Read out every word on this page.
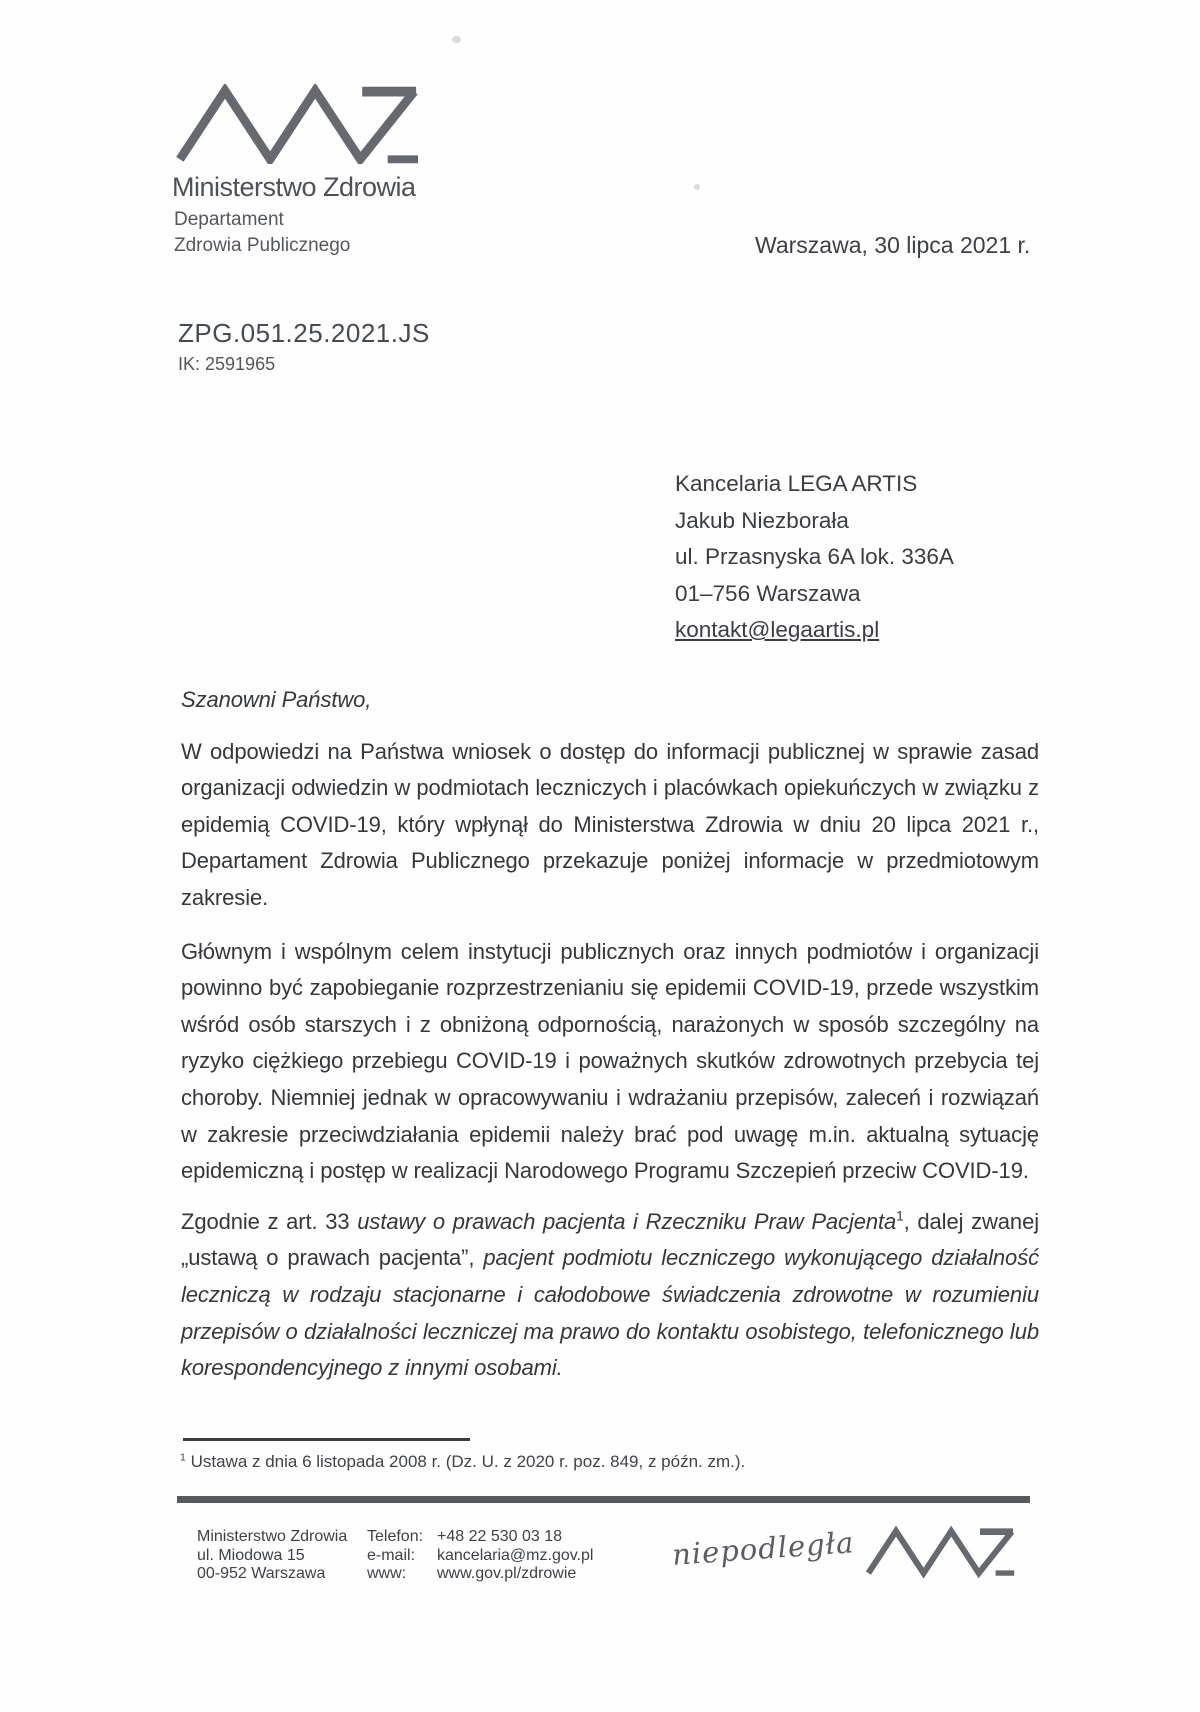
Ministerstwo Zdrowia
Departament
Zdrowia Publicznego	Warszawa, 30 lipca 2021 r.
ZPG.051.25.2021.JS
IK: 2591965
Kancelaria LEGA ARTIS
Jakub Niezborała
ul. Przasnyska 6A lok. 336A
01–756 Warszawa
kontakt@legaartis.pl

Szanowni Państwo,

W odpowiedzi na Państwa wniosek o dostęp do informacji publicznej w sprawie zasad organizacji odwiedzin w podmiotach leczniczych i placówkach opiekuńczych w związku z epidemią COVID-19, który wpłynął do Ministerstwa Zdrowia w dniu 20 lipca 2021 r., Departament Zdrowia Publicznego przekazuje poniżej informacje w przedmiotowym zakresie.

Głównym i wspólnym celem instytucji publicznych oraz innych podmiotów i organizacji powinno być zapobieganie rozprzestrzenianiu się epidemii COVID-19, przede wszystkim wśród osób starszych i z obniżoną odpornością, narażonych w sposób szczególny na ryzyko ciężkiego przebiegu COVID-19 i poważnych skutków zdrowotnych przebycia tej choroby. Niemniej jednak w opracowywaniu i wdrażaniu przepisów, zaleceń i rozwiązań w zakresie przeciwdziałania epidemii należy brać pod uwagę m.in. aktualną sytuację epidemiczną i postęp w realizacji Narodowego Programu Szczepień przeciw COVID-19.

Zgodnie z art. 33 ustawy o prawach pacjenta i Rzeczniku Praw Pacjenta$^1$, dalej zwanej „ustawą o prawach pacjenta”, pacjent podmiotu leczniczego wykonującego działalność leczniczą w rodzaju stacjonarne i całodobowe świadczenia zdrowotne w rozumieniu przepisów o działalności leczniczej ma prawo do kontaktu osobistego, telefonicznego lub korespondencyjnego z innymi osobami.

$^1$ Ustawa z dnia 6 listopada 2008 r. (Dz. U. z 2020 r. poz. 849, z późn. zm.).
Ministerstwo Zdrowia
ul. Miodowa 15
00-952 Warszawa
Telefon: +48 22 530 03 18
e-mail:	kancelaria@mz.gov.pl
www:	www.gov.pl/zdrowie
niepodległa
